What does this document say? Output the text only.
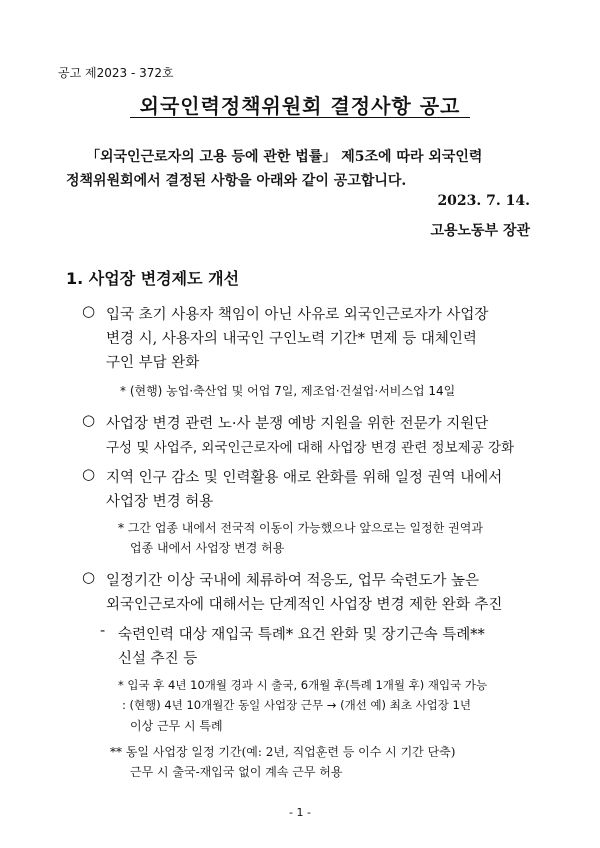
공고 제2023 - 372호
외국인력정책위원회 결정사항 공고
「외국인근로자의 고용 등에 관한 법률」 제5조에 따라 외국인력
정책위원회에서 결정된 사항을 아래와 같이 공고합니다.
2023. 7. 14.
고용노동부 장관
1. 사업장 변경제도 개선
○ 입국 초기 사용자 책임이 아닌 사유로 외국인근로자가 사업장
변경 시, 사용자의 내국인 구인노력 기간* 면제 등 대체인력
구인 부담 완화
* (현행) 농업·축산업 및 어업 7일, 제조업·건설업·서비스업 14일
○ 사업장 변경 관련 노·사 분쟁 예방 지원을 위한 전문가 지원단
구성 및 사업주, 외국인근로자에 대해 사업장 변경 관련 정보제공 강화
○ 지역 인구 감소 및 인력활용 애로 완화를 위해 일정 권역 내에서
사업장 변경 허용
* 그간 업종 내에서 전국적 이동이 가능했으나 앞으로는 일정한 권역과
업종 내에서 사업장 변경 허용
○ 일정기간 이상 국내에 체류하여 적응도, 업무 숙련도가 높은
외국인근로자에 대해서는 단계적인 사업장 변경 제한 완화 추진
- 숙련인력 대상 재입국 특례* 요건 완화 및 장기근속 특례**
신설 추진 등
* 입국 후 4년 10개월 경과 시 출국, 6개월 후(특례 1개월 후) 재입국 가능
: (현행) 4년 10개월간 동일 사업장 근무 → (개선 예) 최초 사업장 1년
이상 근무 시 특례
** 동일 사업장 일정 기간(예: 2년, 직업훈련 등 이수 시 기간 단축)
근무 시 출국-재입국 없이 계속 근무 허용
- 1 -
